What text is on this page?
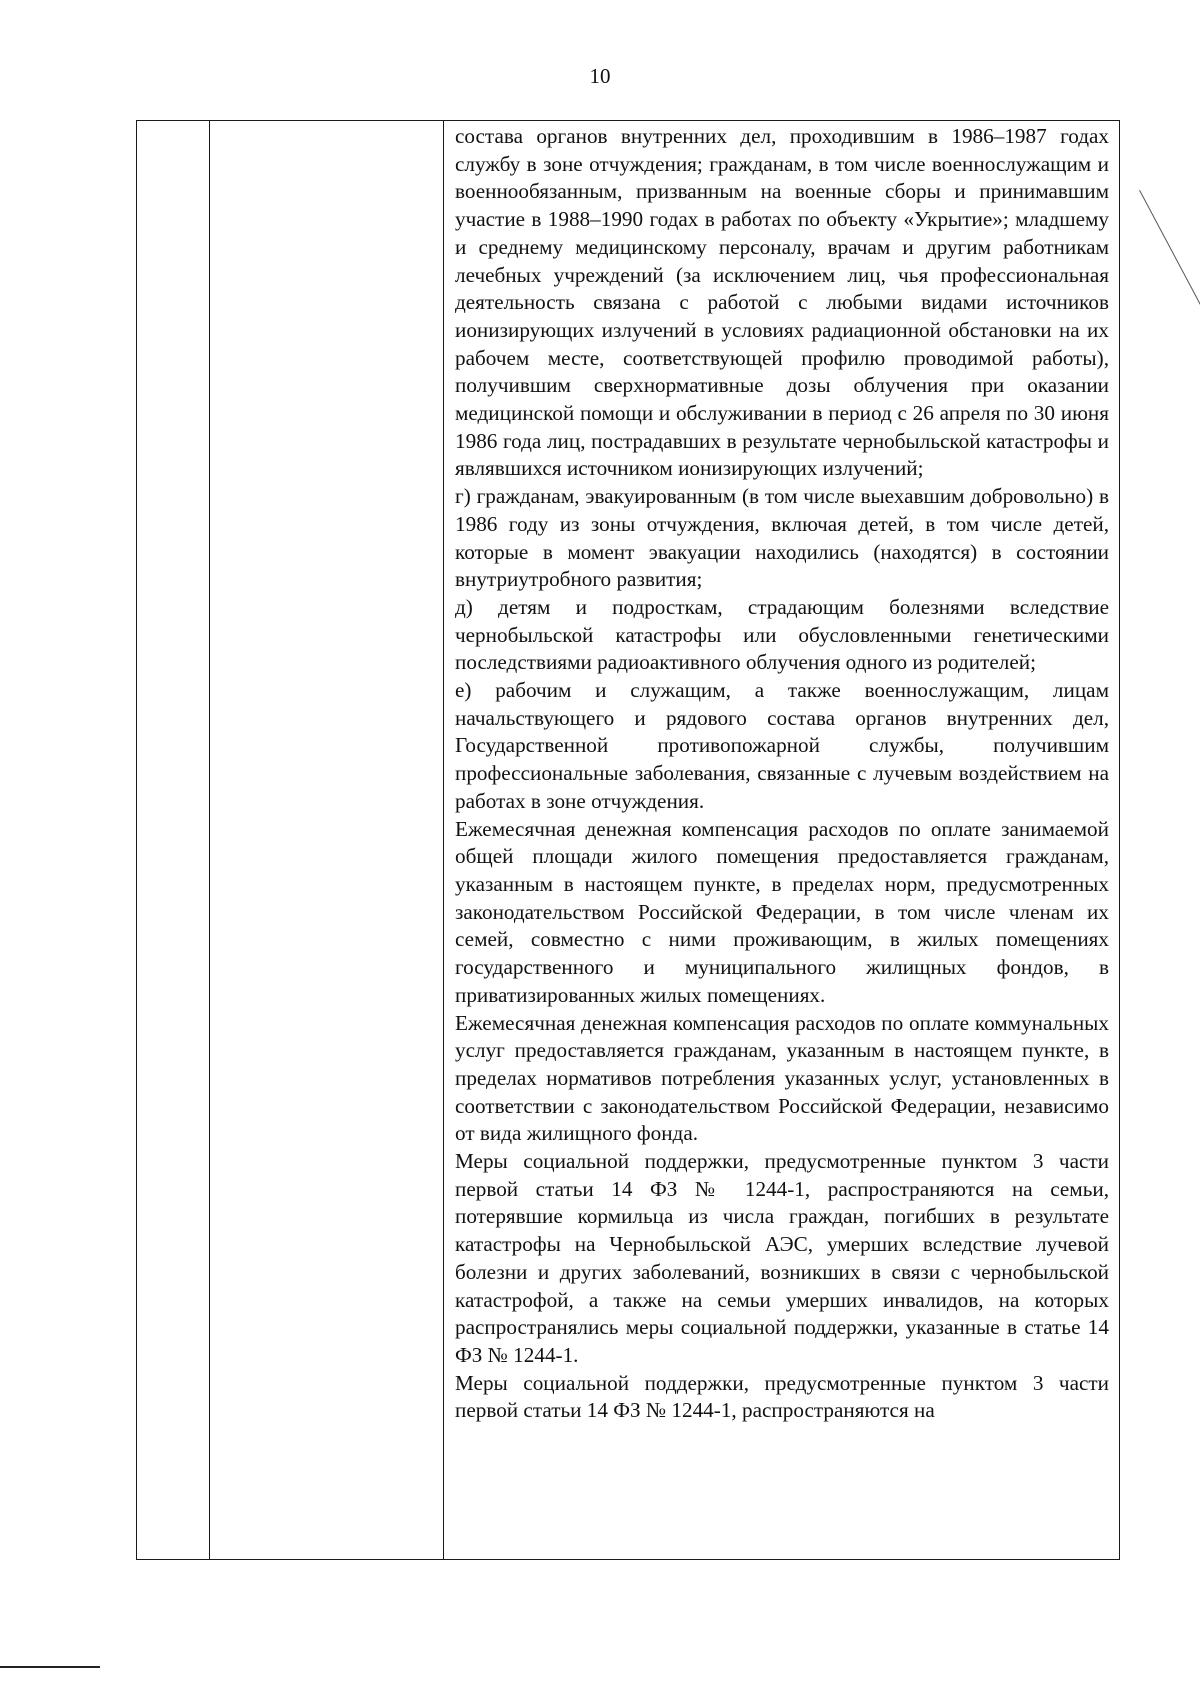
10

состава органов внутренних дел, проходившим в 1986–1987 годах службу в зоне отчуждения; гражданам, в том числе военнослужащим и военнообязанным, призванным на военные сборы и принимавшим участие в 1988–1990 годах в работах по объекту «Укрытие»; младшему и среднему медицинскому персоналу, врачам и другим работникам лечебных учреждений (за исключением лиц, чья профессиональная деятельность связана с работой с любыми видами источников ионизирующих излучений в условиях радиационной обстановки на их рабочем месте, соответствующей профилю проводимой работы), получившим сверхнормативные дозы облучения при оказании медицинской помощи и обслуживании в период с 26 апреля по 30 июня 1986 года лиц, пострадавших в результате чернобыльской катастрофы и являвшихся источником ионизирующих излучений;

г) гражданам, эвакуированным (в том числе выехавшим добровольно) в 1986 году из зоны отчуждения, включая детей, в том числе детей, которые в момент эвакуации находились (находятся) в состоянии внутриутробного развития;

д) детям и подросткам, страдающим болезнями вследствие чернобыльской катастрофы или обусловленными генетическими последствиями радиоактивного облучения одного из родителей;

е) рабочим и служащим, а также военнослужащим, лицам начальствующего и рядового состава органов внутренних дел, Государственной противопожарной службы, получившим профессиональные заболевания, связанные с лучевым воздействием на работах в зоне отчуждения.

Ежемесячная денежная компенсация расходов по оплате занимаемой общей площади жилого помещения предоставляется гражданам, указанным в настоящем пункте, в пределах норм, предусмотренных законодательством Российской Федерации, в том числе членам их семей, совместно с ними проживающим, в жилых помещениях государственного и муниципального жилищных фондов, в приватизированных жилых помещениях.

Ежемесячная денежная компенсация расходов по оплате коммунальных услуг предоставляется гражданам, указанным в настоящем пункте, в пределах нормативов потребления указанных услуг, установленных в соответствии с законодательством Российской Федерации, независимо от вида жилищного фонда.

Меры социальной поддержки, предусмотренные пунктом 3 части первой статьи 14 ФЗ № 1244-1, распространяются на семьи, потерявшие кормильца из числа граждан, погибших в результате катастрофы на Чернобыльской АЭС, умерших вследствие лучевой болезни и других заболеваний, возникших в связи с чернобыльской катастрофой, а также на семьи умерших инвалидов, на которых распространялись меры социальной поддержки, указанные в статье 14 ФЗ № 1244-1.

Меры социальной поддержки, предусмотренные пунктом 3 части первой статьи 14 ФЗ № 1244-1, распространяются на
